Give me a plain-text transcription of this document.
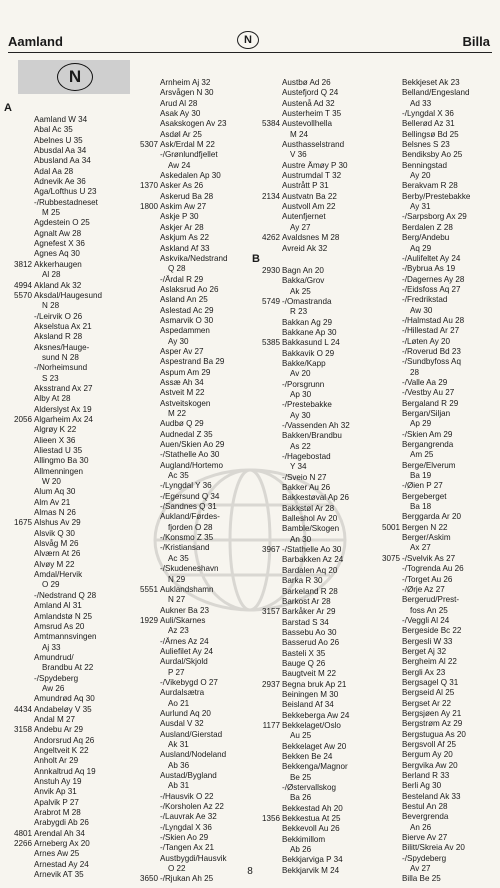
Aamland	N	Billa
N
A
Aamland W 34
Abal Ac 35
Abelnes U 35
Abusdal Aa 34
Abusland Aa 34
Adal Aa 28
Adnevik Ae 36
Aga/Lofthus U 23
-/Rubbestadneset
M 25
Agdestein O 25
Agnalt Aw 28
Agnefest X 36
Agnes Aq 30
3812 Akkerhaugen
Al 28
4994 Akland Ak 32
5570 Aksdal/Haugesund
N 28
-/Leirvik O 26
Akselstua Ax 21
Aksland R 28
Aksnes/Hauge-
sund N 28
-/Norheimsund
S 23
Aksstrand Ax 27
Alby At 28
Alderslyst Ax 19
2056 Algarheim Ax 24
Algrøy K 22
Alieen X 36
Aliestad U 35
Allingmo Ba 30
Allmenningen
W 20
Alum Aq 30
Alm Av 21
Almas N 26
1675 Alshus Av 29
Alsvik Q 30
Alsvåg M 26
Alværn At 26
Alvøy M 22
Amdal/Hervik
O 29
-/Nedstrand Q 28
Amland Al 31
Amlandstø N 25
Amsrud As 20
Amtmannsvingen
Aj 33
Amundrud/
Brandbu At 22
-/Spydeberg
Aw 26
Amundrød Aq 30
4434 Andabeløy V 35
Andal M 27
3158 Andebu Ar 29
Andorsrud Aq 26
Angeltveit K 22
Anholt Ar 29
Annkaltrud Aq 19
Anstuh Ay 19
Anvik Ap 31
Apalvik P 27
Arabrot M 28
Arabygdi Ab 26
4801 Arendal Ah 34
2266 Arneberg Ax 20
Arnes Aw 25
Arnestad Ay 24
Arnevik AT 35
Arnheim Aj 32
Arsvågen N 30
Arud Al 28
Asak Ay 30
Asakskogen Av 23
Asdøl Ar 25
5307 Ask/Erdal M 22
-/Grønlundfjellet
Aw 24
Askedalen Ap 30
1370 Asker As 26
Askerud Ba 28
1800 Askim Aw 27
Askje P 30
Askjer Ar 28
Askjum As 22
Askland Af 33
Askvika/Nedstrand
Q 28
-/Årdal R 29
Aslaksrud Ao 26
Asland An 25
Aslestad Ac 29
Asmarvik O 30
Aspedammen
Ay 30
Asper Av 27
Aspestrand Ba 29
Aspum Am 29
Assæ Ah 34
Astveit M 22
Astveitskogen
M 22
Audbø Q 29
Audnedal Z 35
Auen/Skien Ao 29
-/Stathelle Ao 30
Augland/Hortemo
Ac 35
-/Lyngdal Y 36
-/Egersund Q 34
-/Sandnes Q 31
Aukland/Førdes-
fjorden O 28
-/Konsmo Z 35
-/Kristiansand
Ac 35
-/Skudeneshavn
N 29
5551 Auklandshamn
N 27
Aukner Ba 23
1929 Auli/Skarnes
Az 23
-/Årnes Az 24
Auliefilet Ay 24
Aurdal/Skjold
P 27
-/Vikebygd O 27
Aurdalsætra
Ao 21
Aurlund Aq 20
Ausdal V 32
Ausland/Gierstad
Ak 31
Ausland/Nodeland
Ab 36
Austad/Bygland
Ab 31
-/Hausvik O 22
-/Korsholen Az 22
-/Lauvrak Ae 32
-/Lyngdal X 36
-/Skien Ao 29
-/Tangen Ax 21
Austbygdi/Hausvik
O 22
3650 -/Rjukan Ah 25
Austbø Ad 26
Austefjord Q 24
Austenå Ad 32
Austerheim T 35
5384 Austevollhella
M 24
Austhasselstrand
V 36
Austre Åmøy P 30
Austrumdal T 32
Austrått P 31
2134 Austvatn Ba 22
Austvoll Am 22
Autenfjernet
Ay 27
4262 Avaldsnes M 28
Avreid Ak 32
B
2930 Bagn An 20
Bakka/Grov
Ak 25
5749 -/Omastranda
R 23
Bakkan Ag 29
Bakkane Ap 30
5385 Bakkasund L 24
Bakkavik O 29
Bakke/Kapp
Av 20
-/Porsgrunn
Ap 30
-/Prestebakke
Ay 30
-/Vassenden Ah 32
Bakken/Brandbu
As 22
-/Hagebostad
Y 34
-/Sveio N 27
Bakker Au 26
Bakkestøval Ap 26
Bakkstøl Ar 28
Balleshol Av 20
Bamble/Skogen
An 30
3967 -/Stathelle Ao 30
Barbakken Az 24
Bardalen Aq 20
Barka R 30
Barkeland R 28
Barkost Ar 28
3157 Barkåker Ar 29
Barstad S 34
Bassebu Ao 30
Basserud Ao 26
Basteli X 35
Bauge Q 26
Baugtveit M 22
2937 Begna bruk Ap 21
Beiningen M 30
Beisland Af 34
Bekkeberga Aw 24
1177 Bekkelaget/Oslo
Au 25
Bekkelaget Aw 20
Bekken Be 24
Bekkenga/Magnor
Be 25
-/Østervallskog
Ba 26
Bekkestad Ah 20
1356 Bekkestua At 25
Bekkevoll Au 26
Bekkimillom
Ab 26
Bekkjarviga P 34
Bekkjarvik M 24
Bekkjeset Ak 23
Belland/Engesland
Ad 33
-/Lyngdal X 36
Bellerød Az 31
Bellingsø Bd 25
Belsnes S 23
Bendiksby Ao 25
Benningstad
Ay 20
Berakvam R 28
Berby/Prestebakke
Ay 31
-/Sarpsborg Ax 29
Berdalen Z 28
Berg/Andebu
Aq 29
-/Aulifeltet Ay 24
-/Bybrua As 19
-/Dagernes Ay 28
-/Eidsfoss Aq 27
-/Fredrikstad
Aw 30
-/Halmstad Au 28
-/Hillestad Ar 27
-/Løten Ay 20
-/Roverud Bd 23
-/Sundbyfoss Aq
28
-/Valle Aa 29
-/Vestby Au 27
Bergaland R 29
Bergan/Siljan
Ap 29
-/Skien Am 29
Bergangrenda
Am 25
Berge/Elverum
Ba 19
-/Øien P 27
Bergeberget
Ba 18
Berggarda Ar 20
5001 Bergen N 22
Berger/Askim
Ax 27
3075 -/Svelvik As 27
-/Togrenda Au 26
-/Torget Au 26
-/Ørje Az 27
Bergerud/Prest-
foss An 25
-/Veggli Al 24
Bergeside Bc 22
Bergesli W 33
Berget Aj 32
Bergheim Al 22
Bergli Ax 23
Bergsagel Q 31
Bergseid Al 25
Bergset Ar 22
Bergsjøen Ay 21
Bergstrøm Az 29
Bergstugua As 20
Bergsvoll Af 25
Bergum Ay 20
Bergvika Aw 20
Berland R 33
Berli Ag 30
Besteland Ak 33
Bestul An 28
Bevergrenda
An 26
Bierve Av 27
Bilitt/Skreia Av 20
-/Spydeberg
Av 27
Billa Be 25
8
